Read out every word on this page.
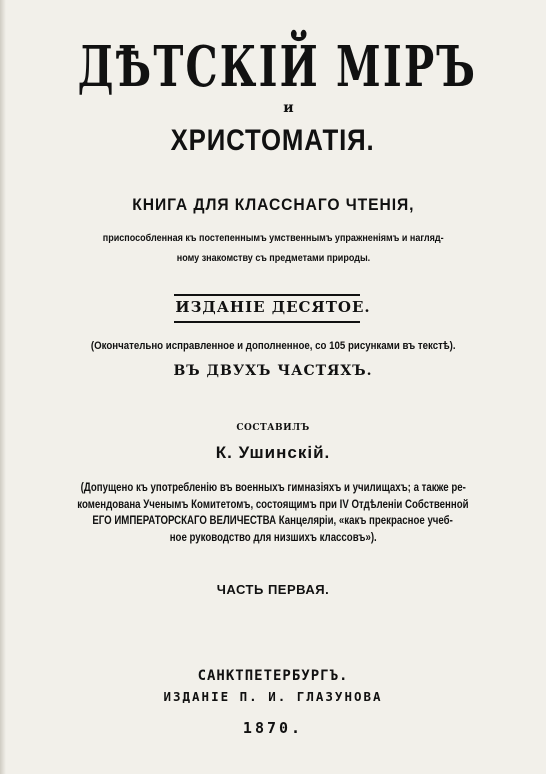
ДѢТСКІЙ МІРЪ
и
ХРИСТОМАТІЯ.
КНИГА ДЛЯ КЛАССНАГО ЧТЕНІЯ,
приспособленная къ постепеннымъ умственнымъ упражненіямъ и нагляд-
ному знакомству съ предметами природы.
ИЗДАНІЕ ДЕСЯТОЕ.
(Окончательно исправленное и дополненное, со 105 рисунками въ текстѣ).
ВЪ ДВУХЪ ЧАСТЯХЪ.
СОСТАВИЛЪ
К. Ушинскій.
(Допущено къ употребленію въ военныхъ гимназіяхъ и училищахъ; а также ре-
комендована Ученымъ Комитетомъ, состоящимъ при IV Отдѣленіи Собственной
ЕГО ИМПЕРАТОРСКАГО ВЕЛИЧЕСТВА Канцеляріи, «какъ прекрасное учеб-
ное руководство для низшихъ классовъ»).
ЧАСТЬ ПЕРВАЯ.
САНКТПЕТЕРБУРГЪ.
ИЗДАНІЕ П. И. ГЛАЗУНОВА
1870.
